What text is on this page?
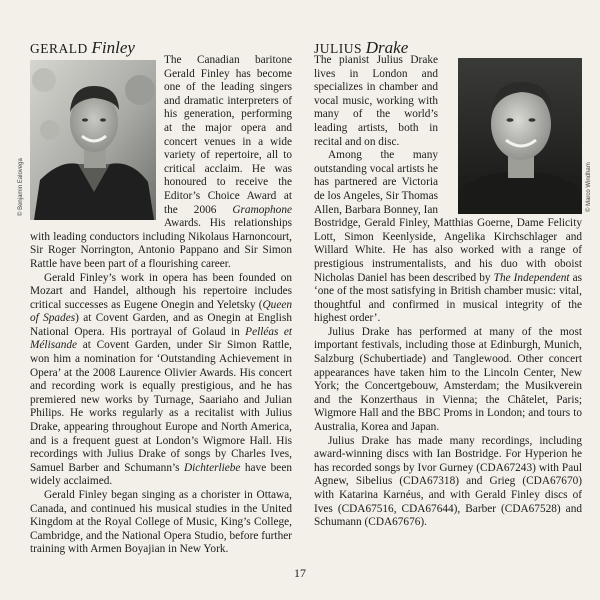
GERALD Finley
© Benjamin Ealovega

The Canadian baritone Gerald Finley has become one of the leading singers and dramatic interpreters of his generation, performing at the major opera and concert venues in a wide variety of repertoire, all to critical acclaim. He was honoured to receive the Editor’s Choice Award at the 2006 Gramophone Awards. His relationships with leading conductors including Nikolaus Harnoncourt, Sir Roger Norrington, Antonio Pappano and Sir Simon Rattle have been part of a flourishing career.

Gerald Finley’s work in opera has been founded on Mozart and Handel, although his repertoire includes critical successes as Eugene Onegin and Yeletsky (Queen of Spades) at Covent Garden, and as Onegin at English National Opera. His portrayal of Golaud in Pelléas et Mélisande at Covent Garden, under Sir Simon Rattle, won him a nomination for ‘Outstanding Achievement in Opera’ at the 2008 Laurence Olivier Awards. His concert and recording work is equally prestigious, and he has premiered new works by Turnage, Saariaho and Julian Philips. He works regularly as a recitalist with Julius Drake, appearing throughout Europe and North America, and is a frequent guest at London’s Wigmore Hall. His recordings with Julius Drake of songs by Charles Ives, Samuel Barber and Schumann’s Dichterliebe have been widely acclaimed.

Gerald Finley began singing as a chorister in Ottawa, Canada, and continued his musical studies in the United Kingdom at the Royal College of Music, King’s College, Cambridge, and the National Opera Studio, before further training with Armen Boyajian in New York.

JULIUS Drake
© Marco Windham

The pianist Julius Drake lives in London and specializes in chamber and vocal music, working with many of the world’s leading artists, both in recital and on disc.

Among the many outstanding vocal artists he has partnered are Victoria de los Angeles, Sir Thomas Allen, Barbara Bonney, Ian Bostridge, Gerald Finley, Matthias Goerne, Dame Felicity Lott, Simon Keenlyside, Angelika Kirchschlager and Willard White. He has also worked with a range of prestigious instrumentalists, and his duo with oboist Nicholas Daniel has been described by The Independent as ‘one of the most satisfying in British chamber music: vital, thoughtful and confirmed in musical integrity of the highest order’.

Julius Drake has performed at many of the most important festivals, including those at Edinburgh, Munich, Salzburg (Schubertiade) and Tanglewood. Other concert appearances have taken him to the Lincoln Center, New York; the Concertgebouw, Amsterdam; the Musikverein and the Konzerthaus in Vienna; the Châtelet, Paris; Wigmore Hall and the BBC Proms in London; and tours to Australia, Korea and Japan.

Julius Drake has made many recordings, including award-winning discs with Ian Bostridge. For Hyperion he has recorded songs by Ivor Gurney (CDA67243) with Paul Agnew, Sibelius (CDA67318) and Grieg (CDA67670) with Katarina Karnéus, and with Gerald Finley discs of Ives (CDA67516, CDA67644), Barber (CDA67528) and Schumann (CDA67676).

17
